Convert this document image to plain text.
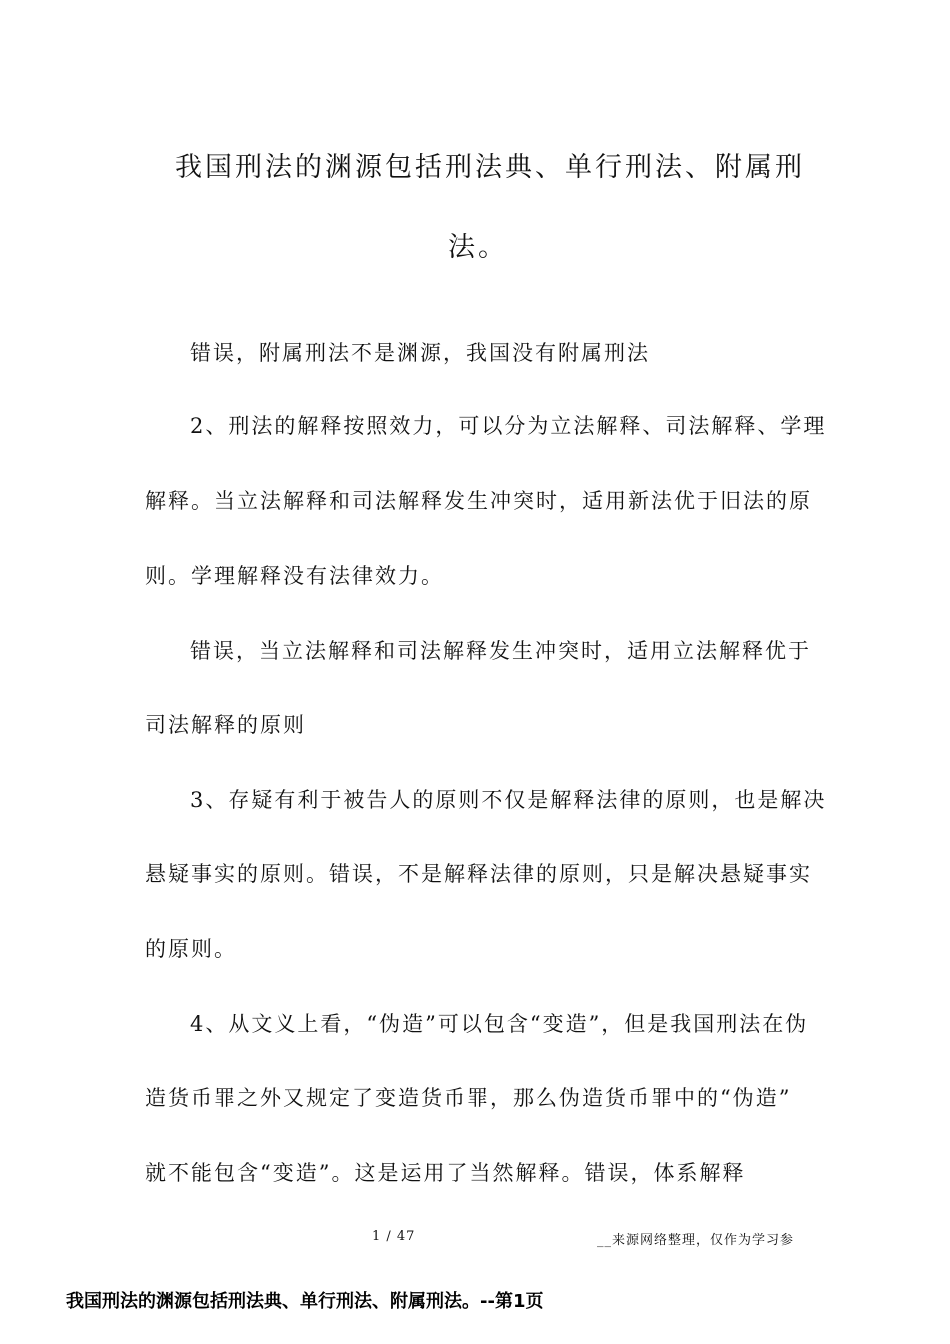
我国刑法的渊源包括刑法典、单行刑法、附属刑
法。
错误，附属刑法不是渊源，我国没有附属刑法
2、刑法的解释按照效力，可以分为立法解释、司法解释、学理
解释。当立法解释和司法解释发生冲突时，适用新法优于旧法的原
则。学理解释没有法律效力。
错误，当立法解释和司法解释发生冲突时，适用立法解释优于
司法解释的原则
3、存疑有利于被告人的原则不仅是解释法律的原则，也是解决
悬疑事实的原则。错误，不是解释法律的原则，只是解决悬疑事实
的原则。
4、从文义上看，“伪造”可以包含“变造”，但是我国刑法在伪
造货币罪之外又规定了变造货币罪，那么伪造货币罪中的“伪造”
就不能包含“变造”。这是运用了当然解释。错误，体系解释
1 / 47	__来源网络整理，仅作为学习参
我国刑法的渊源包括刑法典、单行刑法、附属刑法。--第1页
